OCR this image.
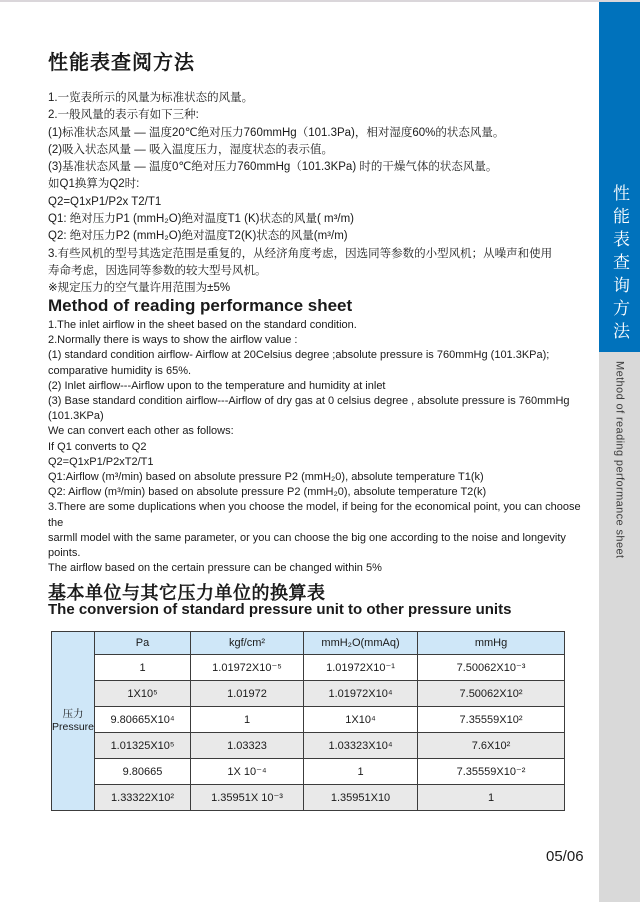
性能表查询方法
Method of reading performance sheet
性能表查阅方法
1.一览表所示的风量为标准状态的风量。
2.一般风量的表示有如下三种:
(1)标准状态风量 — 温度20℃绝对压力760mmHg（101.3Pa)，相对湿度60%的状态风量。
(2)吸入状态风量 — 吸入温度压力，湿度状态的表示值。
(3)基准状态风量 — 温度0℃绝对压力760mmHg（101.3KPa) 时的干燥气体的状态风量。
如Q1换算为Q2时:
Q2=Q1xP1/P2x T2/T1
Q1: 绝对压力P1 (mmH₂O)绝对温度T1 (K)状态的风量( m³/m)
Q2: 绝对压力P2 (mmH₂O)绝对温度T2(K)状态的风量(m³/m)
3.有些风机的型号其选定范围是重复的，从经济角度考虑，因选同等参数的小型风机；从噪声和使用
寿命考虑，因选同等参数的较大型号风机。
※规定压力的空气量许用范围为±5%
Method of reading performance sheet
1.The inlet airflow in the sheet based on the standard condition.
2.Normally there is ways to show the airflow value :
(1) standard condition airflow- Airflow at 20Celsius degree ;absolute pressure is 760mmHg (101.3KPa);
comparative humidity is 65%.
(2) Inlet airflow---Airflow upon to the temperature and humidity at inlet
(3) Base standard condition airflow---Airflow of dry gas at 0 celsius degree , absolute pressure is 760mmHg (101.3KPa)
We can convert each other as follows:
If Q1 converts to Q2
Q2=Q1xP1/P2xT2/T1
Q1:Airflow (m³/min) based on absolute pressure P2 (mmH₂0), absolute temperature T1(k)
Q2: Airflow (m³/min) based on absolute pressure P2 (mmH₂0), absolute temperature T2(k)
3.There are some duplications when you choose the model, if being for the economical point, you can choose the
sarmll model with the same parameter, or you can choose the big one according to the noise and longevity points.
The airflow based on the certain pressure can be changed within 5%
基本单位与其它压力单位的换算表
The conversion of standard pressure unit to other pressure units
压力
Pressure	Pa	kgf/cm²	mmH₂O(mmAq)	mmHg
	1	1.01972X10⁻⁵	1.01972X10⁻¹	7.50062X10⁻³
	1X10⁵	1.01972	1.01972X10⁴	7.50062X10²
	9.80665X10⁴	1	1X10⁴	7.35559X10²
	1.01325X10⁵	1.03323	1.03323X10⁴	7.6X10²
	9.80665	1X 10⁻⁴	1	7.35559X10⁻²
	1.33322X10²	1.35951X 10⁻³	1.35951X10	1
05/06
